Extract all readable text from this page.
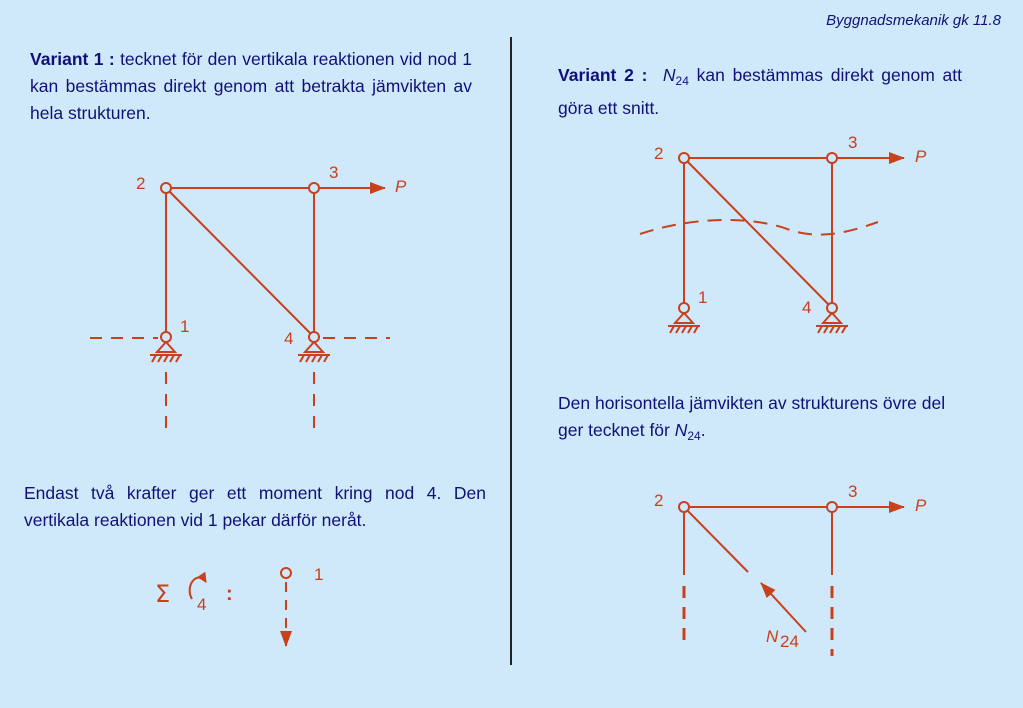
Byggnadsmekanik gk 11.8
Variant 1 : tecknet för den vertikala reaktionen vid nod 1 kan bestämmas direkt genom att betrakta jämvikten av hela strukturen.
Variant 2 : $N_{24}$ kan bestämmas direkt genom att göra ett snitt.
Endast två krafter ger ett moment kring nod 4. Den vertikala reaktionen vid 1 pekar därför neråt.
Den horisontella jämvikten av strukturens övre del ger tecknet för $N_{24}$.
2
3
1
4
P
Σ 4 :
1
2
3
1
4
P
2	3
P
N 24
